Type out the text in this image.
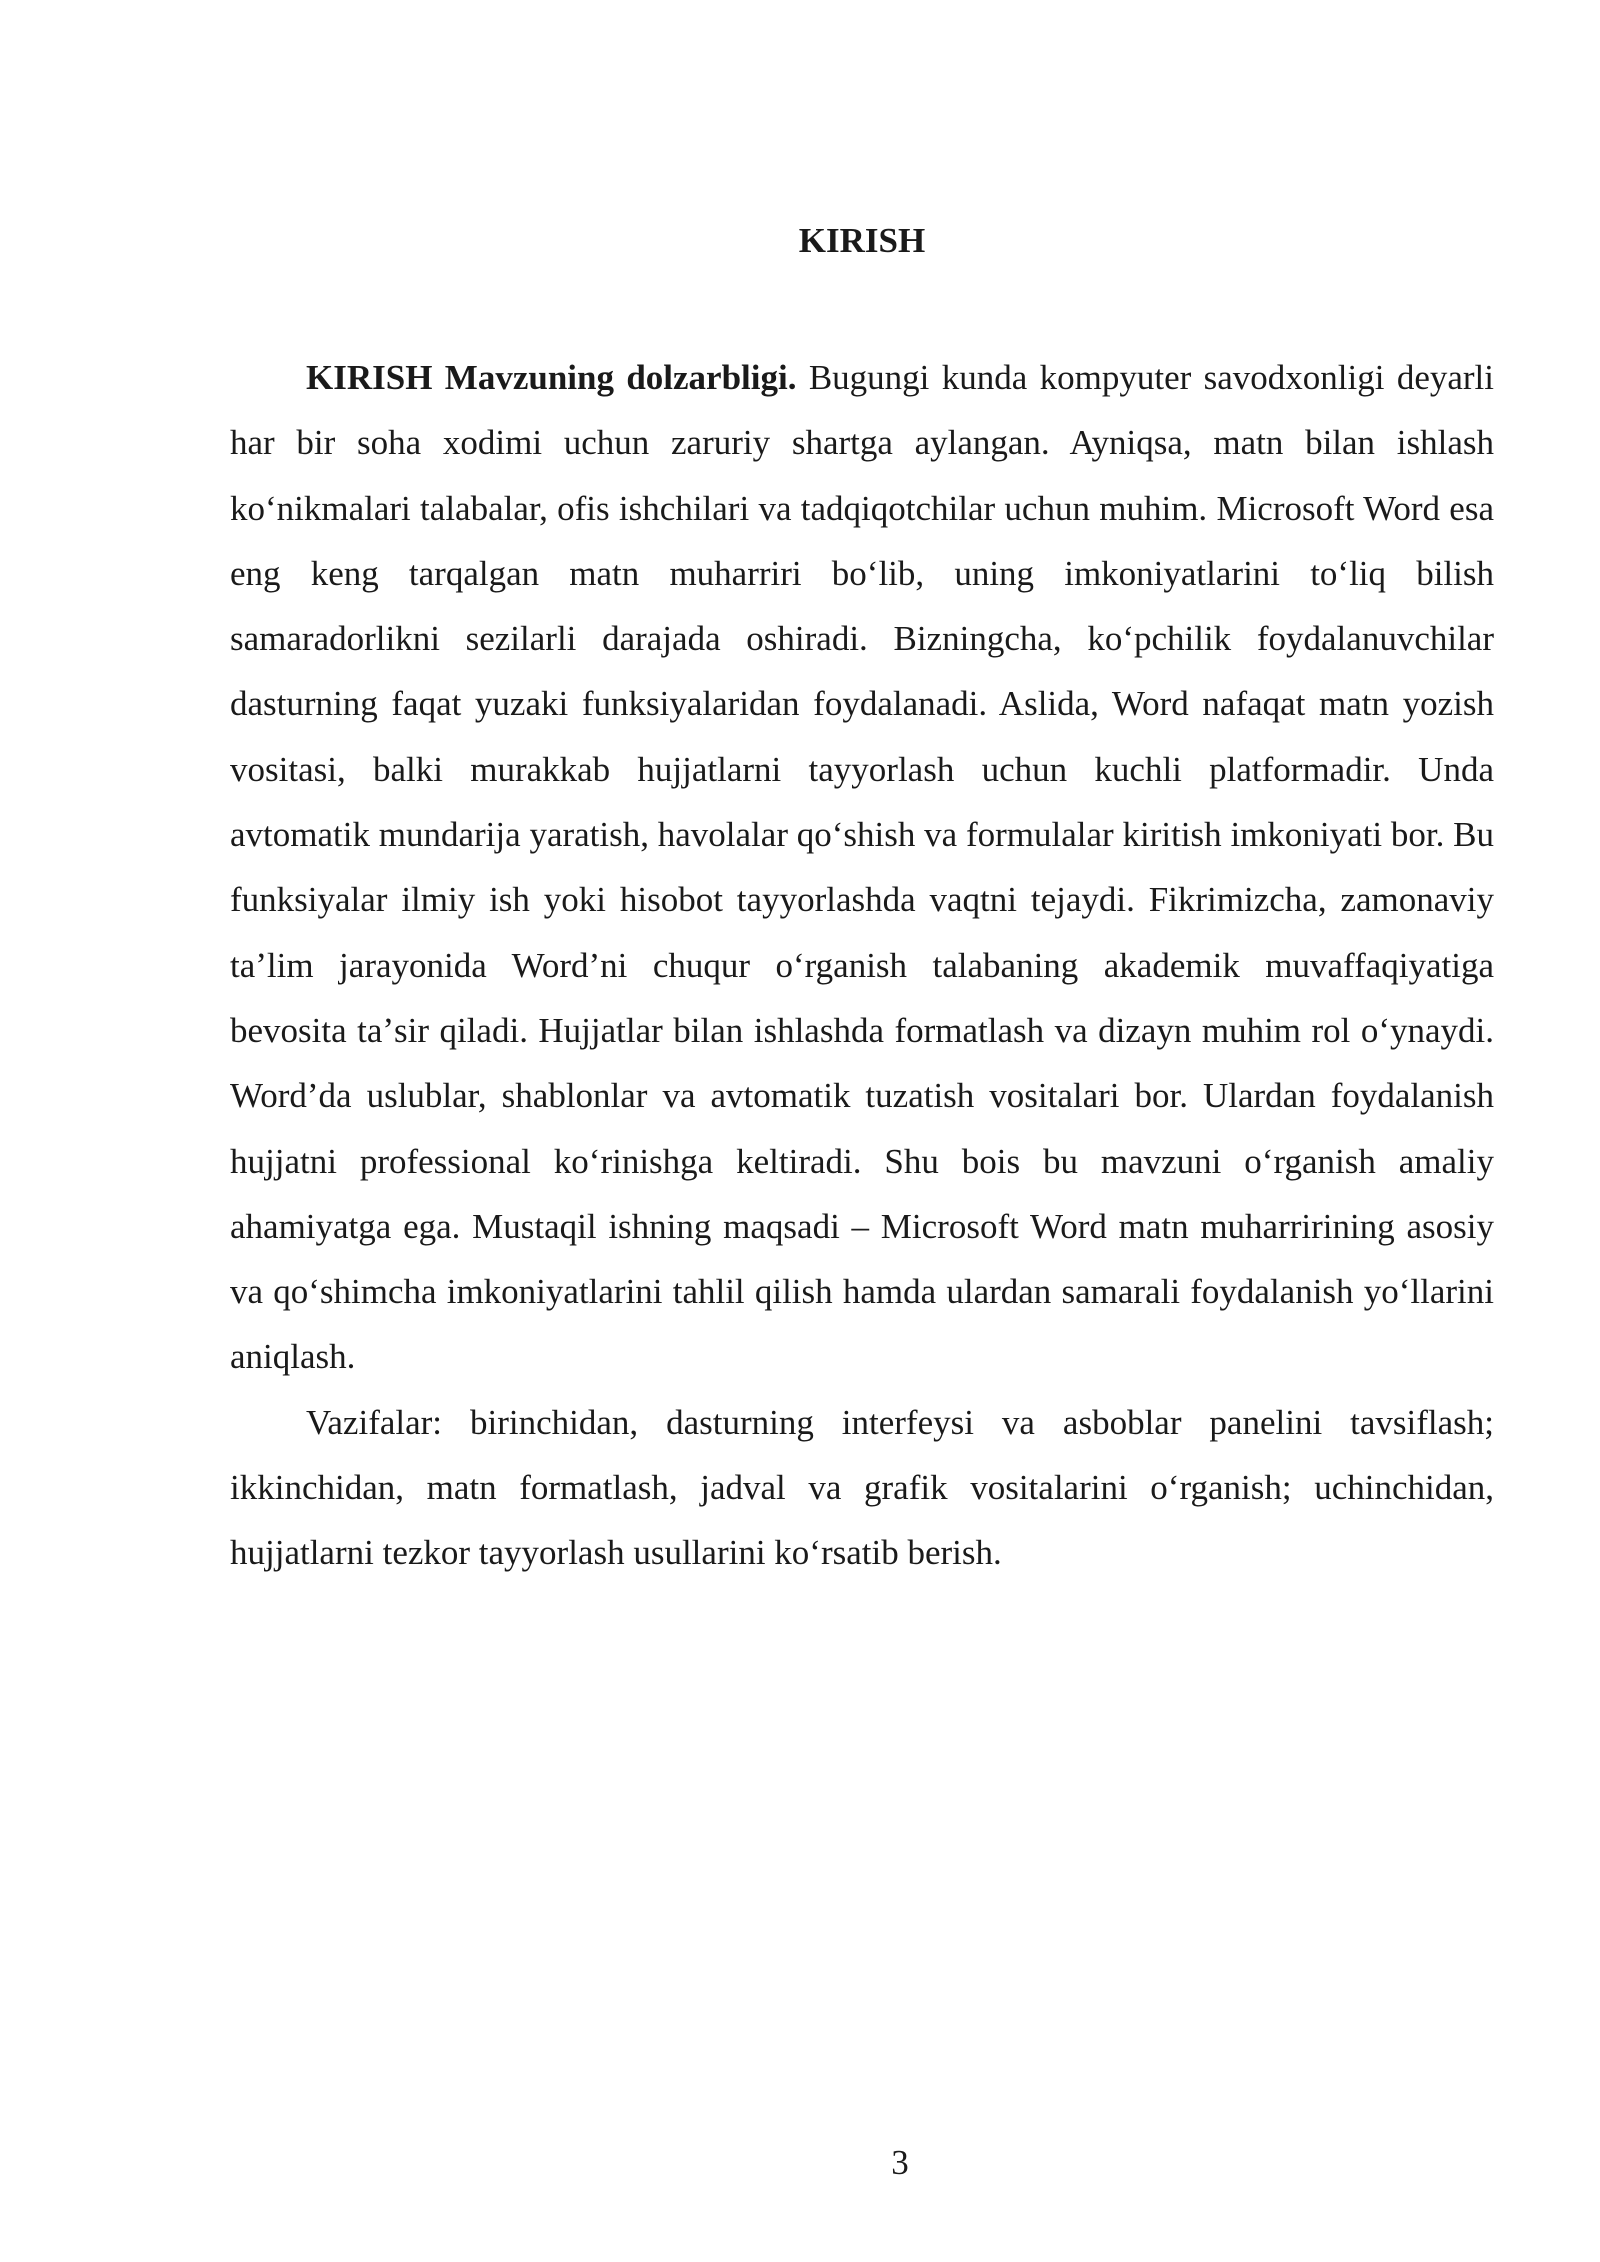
KIRISH

KIRISH Mavzuning dolzarbligi. Bugungi kunda kompyuter savodxonligi deyarli har bir soha xodimi uchun zaruriy shartga aylangan. Ayniqsa, matn bilan ishlash koʻnikmalari talabalar, ofis ishchilari va tadqiqotchilar uchun muhim. Microsoft Word esa eng keng tarqalgan matn muharriri boʻlib, uning imkoniyatlarini toʻliq bilish samaradorlikni sezilarli darajada oshiradi. Bizningcha, koʻpchilik foydalanuvchilar dasturning faqat yuzaki funksiyalaridan foydalanadi. Aslida, Word nafaqat matn yozish vositasi, balki murakkab hujjatlarni tayyorlash uchun kuchli platformadir. Unda avtomatik mundarija yaratish, havolalar qoʻshish va formulalar kiritish imkoniyati bor. Bu funksiyalar ilmiy ish yoki hisobot tayyorlashda vaqtni tejaydi. Fikrimizcha, zamonaviy taʼlim jarayonida Word’ni chuqur oʻrganish talabaning akademik muvaffaqiyatiga bevosita taʼsir qiladi. Hujjatlar bilan ishlashda formatlash va dizayn muhim rol oʻynaydi. Word’da uslublar, shablonlar va avtomatik tuzatish vositalari bor. Ulardan foydalanish hujjatni professional koʻrinishga keltiradi. Shu bois bu mavzuni oʻrganish amaliy ahamiyatga ega. Mustaqil ishning maqsadi – Microsoft Word matn muharririning asosiy va qoʻshimcha imkoniyatlarini tahlil qilish hamda ulardan samarali foydalanish yoʻllarini aniqlash.

Vazifalar: birinchidan, dasturning interfeysi va asboblar panelini tavsiflash; ikkinchidan, matn formatlash, jadval va grafik vositalarini oʻrganish; uchinchidan, hujjatlarni tezkor tayyorlash usullarini koʻrsatib berish.

3
